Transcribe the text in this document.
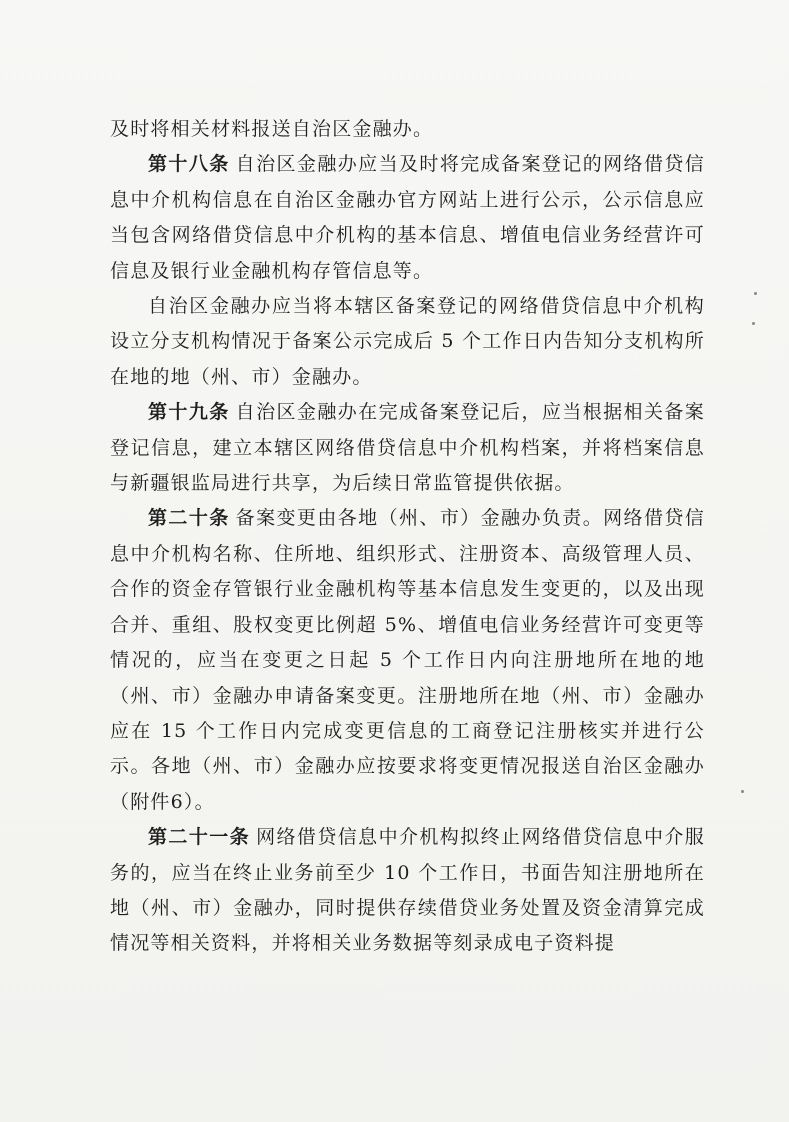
及时将相关材料报送自治区金融办。

第十八条 自治区金融办应当及时将完成备案登记的网络借贷信息中介机构信息在自治区金融办官方网站上进行公示，公示信息应当包含网络借贷信息中介机构的基本信息、增值电信业务经营许可信息及银行业金融机构存管信息等。

自治区金融办应当将本辖区备案登记的网络借贷信息中介机构设立分支机构情况于备案公示完成后 5 个工作日内告知分支机构所在地的地（州、市）金融办。

第十九条 自治区金融办在完成备案登记后，应当根据相关备案登记信息，建立本辖区网络借贷信息中介机构档案，并将档案信息与新疆银监局进行共享，为后续日常监管提供依据。

第二十条 备案变更由各地（州、市）金融办负责。网络借贷信息中介机构名称、住所地、组织形式、注册资本、高级管理人员、合作的资金存管银行业金融机构等基本信息发生变更的，以及出现合并、重组、股权变更比例超 5%、增值电信业务经营许可变更等情况的，应当在变更之日起 5 个工作日内向注册地所在地的地（州、市）金融办申请备案变更。注册地所在地（州、市）金融办应在 15 个工作日内完成变更信息的工商登记注册核实并进行公示。各地（州、市）金融办应按要求将变更情况报送自治区金融办（附件6）。

第二十一条 网络借贷信息中介机构拟终止网络借贷信息中介服务的，应当在终止业务前至少 10 个工作日，书面告知注册地所在地（州、市）金融办，同时提供存续借贷业务处置及资金清算完成情况等相关资料，并将相关业务数据等刻录成电子资料提
